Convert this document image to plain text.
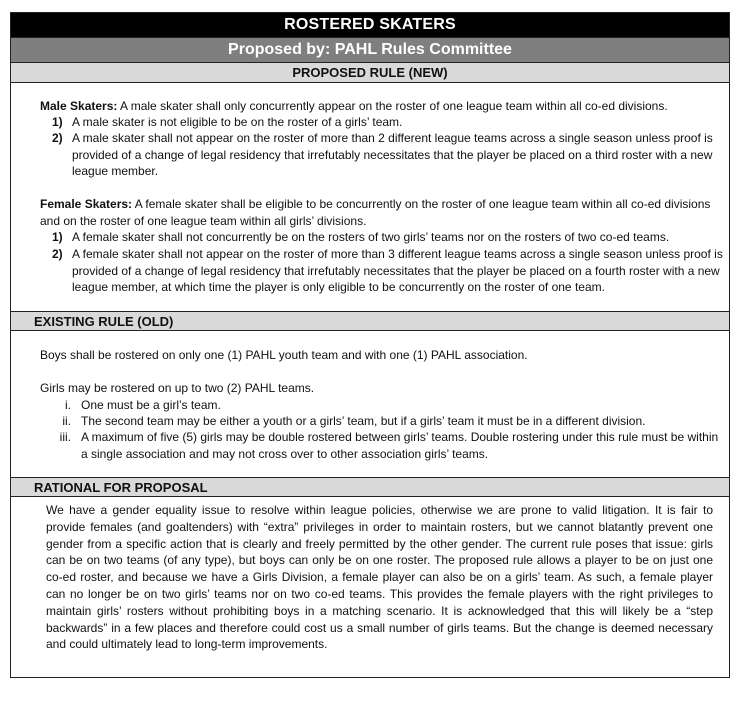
ROSTERED SKATERS
Proposed by: PAHL Rules Committee
PROPOSED RULE (NEW)
Male Skaters: A male skater shall only concurrently appear on the roster of one league team within all co-ed divisions.
1) A male skater is not eligible to be on the roster of a girls’ team.
2) A male skater shall not appear on the roster of more than 2 different league teams across a single season unless proof is provided of a change of legal residency that irrefutably necessitates that the player be placed on a third roster with a new league member.
Female Skaters: A female skater shall be eligible to be concurrently on the roster of one league team within all co-ed divisions and on the roster of one league team within all girls’ divisions.
1) A female skater shall not concurrently be on the rosters of two girls’ teams nor on the rosters of two co-ed teams.
2) A female skater shall not appear on the roster of more than 3 different league teams across a single season unless proof is provided of a change of legal residency that irrefutably necessitates that the player be placed on a fourth roster with a new league member, at which time the player is only eligible to be concurrently on the roster of one team.
EXISTING RULE (OLD)
Boys shall be rostered on only one (1) PAHL youth team and with one (1) PAHL association.
Girls may be rostered on up to two (2) PAHL teams.
i. One must be a girl’s team.
ii. The second team may be either a youth or a girls’ team, but if a girls’ team it must be in a different division.
iii. A maximum of five (5) girls may be double rostered between girls’ teams. Double rostering under this rule must be within a single association and may not cross over to other association girls’ teams.
RATIONAL FOR PROPOSAL
We have a gender equality issue to resolve within league policies, otherwise we are prone to valid litigation. It is fair to provide females (and goaltenders) with “extra” privileges in order to maintain rosters, but we cannot blatantly prevent one gender from a specific action that is clearly and freely permitted by the other gender. The current rule poses that issue: girls can be on two teams (of any type), but boys can only be on one roster. The proposed rule allows a player to be on just one co-ed roster, and because we have a Girls Division, a female player can also be on a girls’ team. As such, a female player can no longer be on two girls’ teams nor on two co-ed teams. This provides the female players with the right privileges to maintain girls’ rosters without prohibiting boys in a matching scenario. It is acknowledged that this will likely be a “step backwards” in a few places and therefore could cost us a small number of girls teams. But the change is deemed necessary and could ultimately lead to long-term improvements.
